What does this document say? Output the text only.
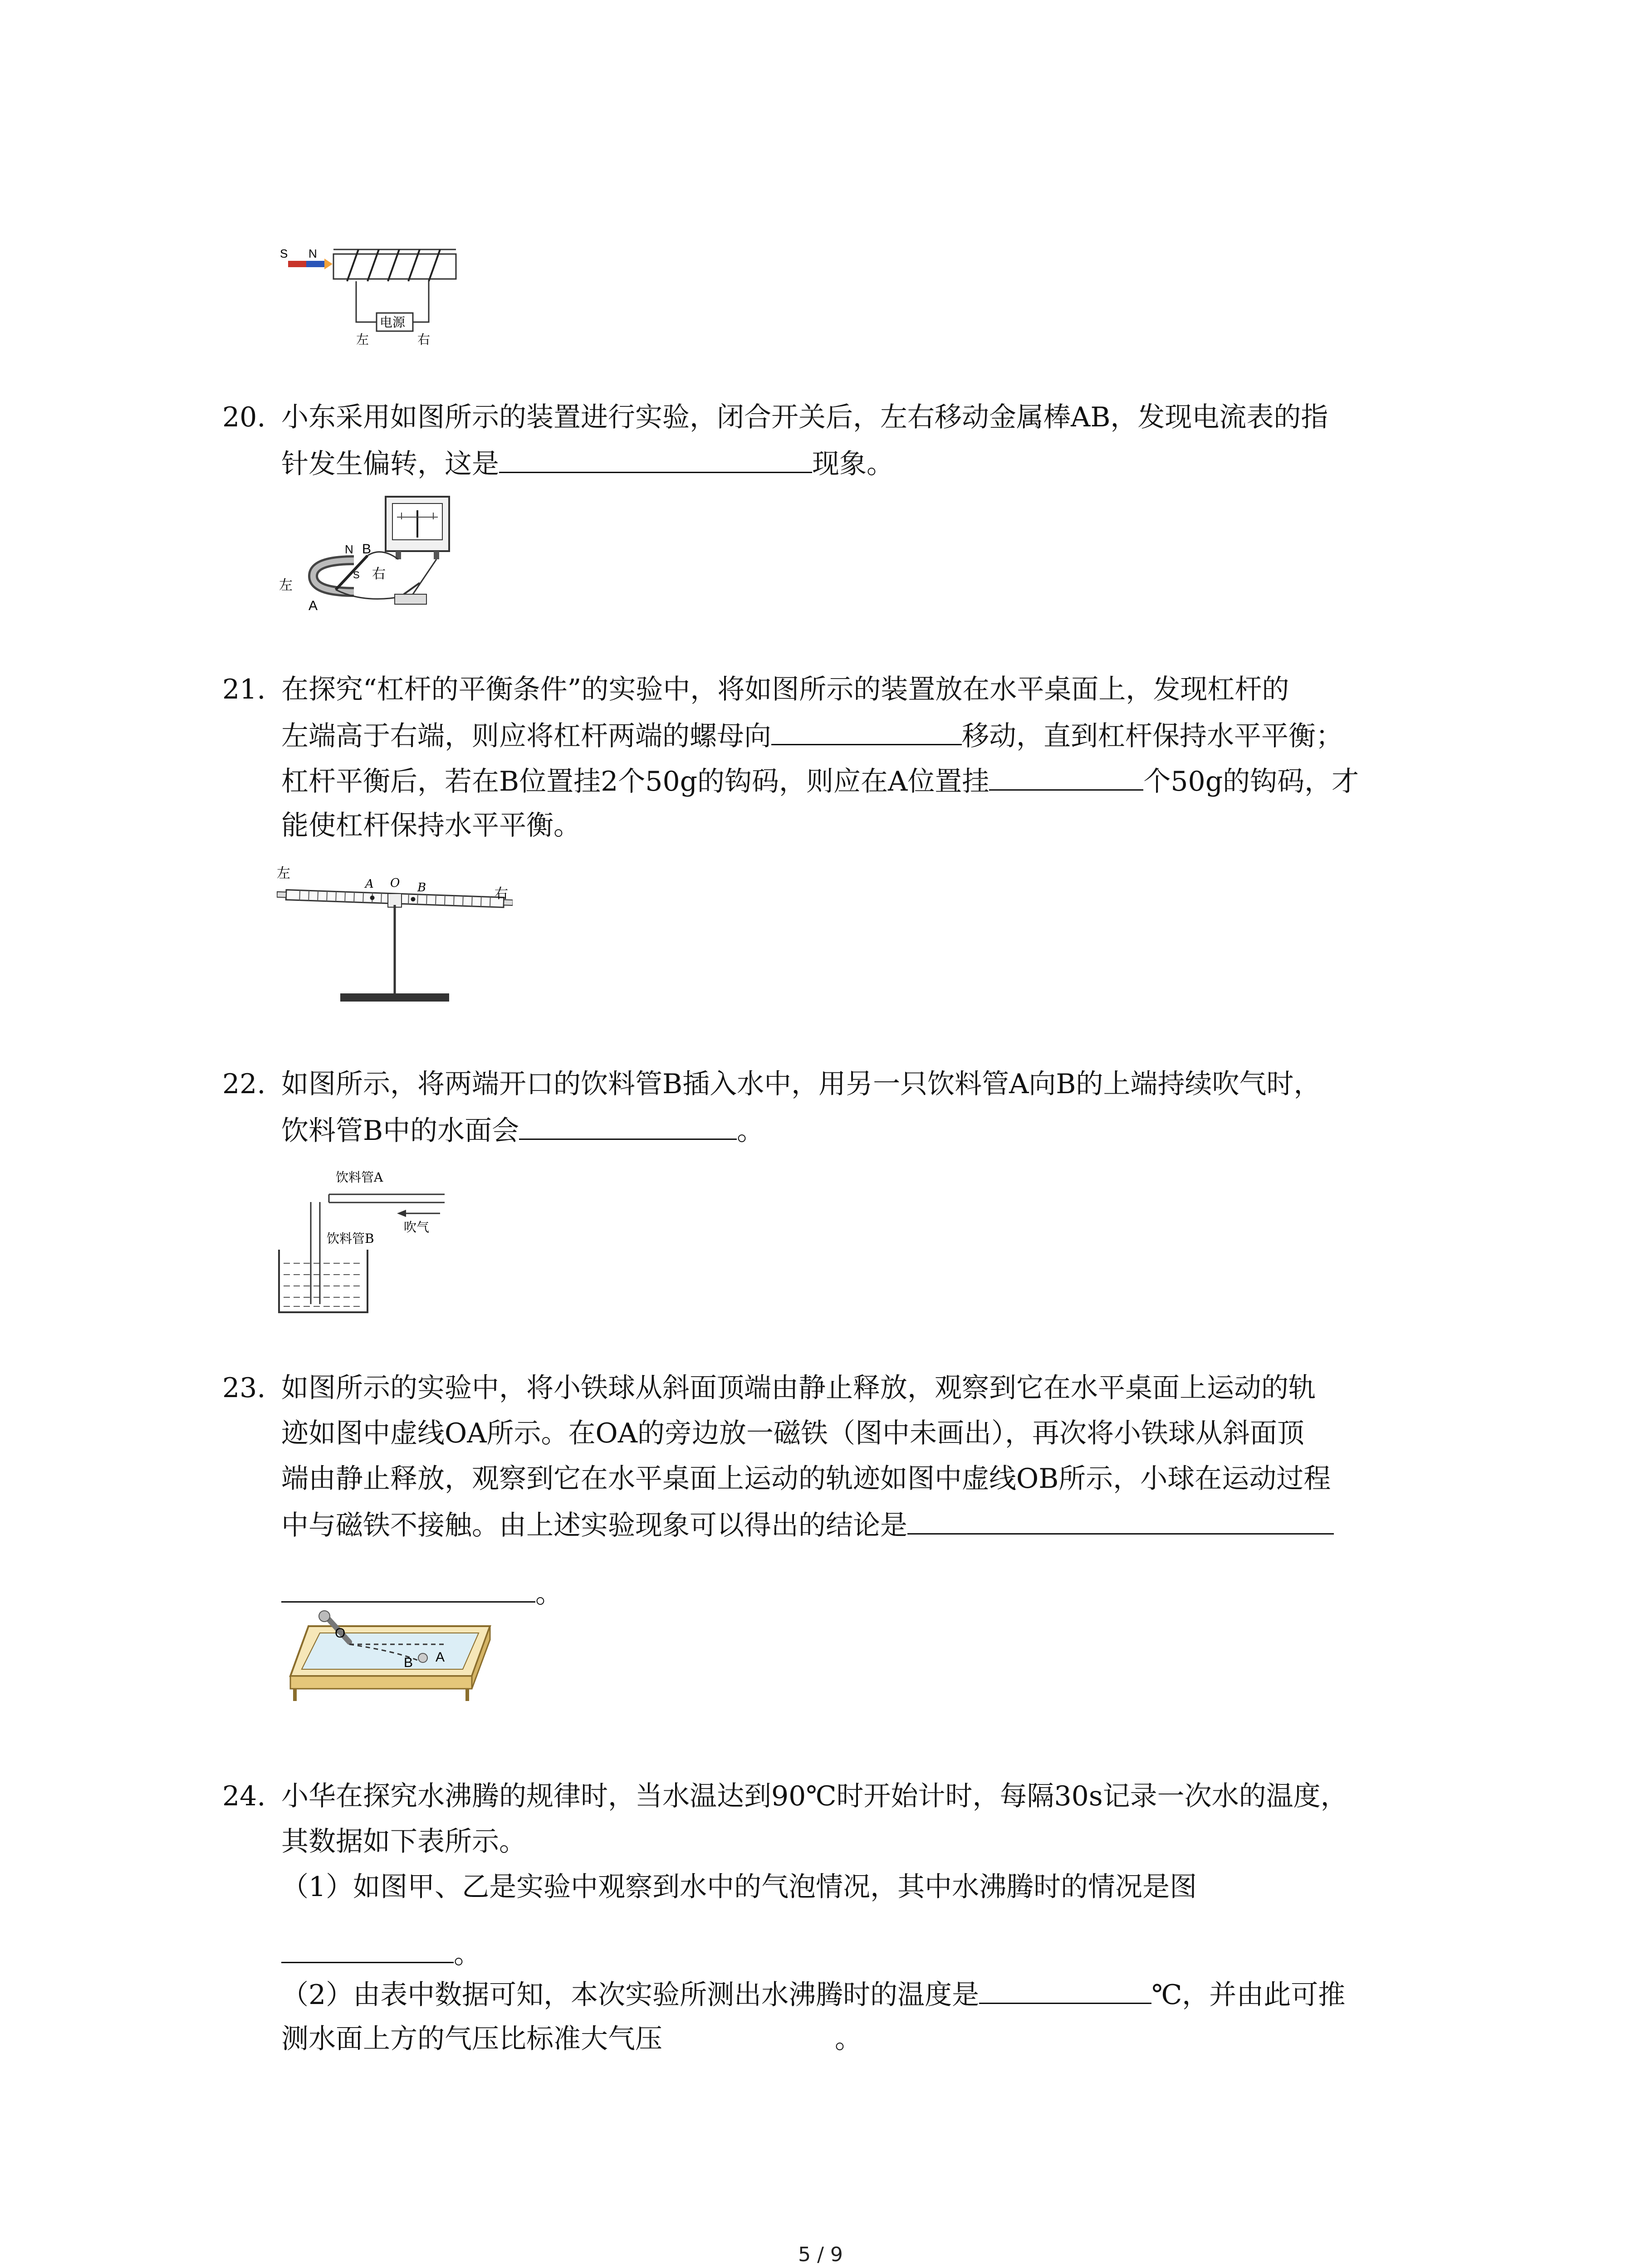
S N
电源
左	右
20. 小东采用如图所示的装置进行实验，闭合开关后，左右移动金属棒AB，发现电流表的指
针发生偏转，这是	现象。
N B
S
A
左
右
21. 在探究“杠杆的平衡条件”的实验中，将如图所示的装置放在水平桌面上，发现杠杆的
左端高于右端，则应将杠杆两端的螺母向	移动，直到杠杆保持水平平衡；
杠杆平衡后，若在B位置挂2个50g的钩码，则应在A位置挂	个50g的钩码，才
能使杠杆保持水平平衡。
左
右
A O B
22. 如图所示，将两端开口的饮料管B插入水中，用另一只饮料管A向B的上端持续吹气时，
饮料管B中的水面会	。
饮料管A
吹气
饮料管B
23. 如图所示的实验中，将小铁球从斜面顶端由静止释放，观察到它在水平桌面上运动的轨
迹如图中虚线OA所示。在OA的旁边放一磁铁（图中未画出），再次将小铁球从斜面顶
端由静止释放，观察到它在水平桌面上运动的轨迹如图中虚线OB所示，小球在运动过程
中与磁铁不接触。由上述实验现象可以得出的结论是
。
O
B A
24. 小华在探究水沸腾的规律时，当水温达到90℃时开始计时，每隔30s记录一次水的温度，
其数据如下表所示。
（1）如图甲、乙是实验中观察到水中的气泡情况，其中水沸腾时的情况是图
。
（2）由表中数据可知，本次实验所测出水沸腾时的温度是	℃，并由此可推
测水面上方的气压比标准大气压	。
5 / 9
